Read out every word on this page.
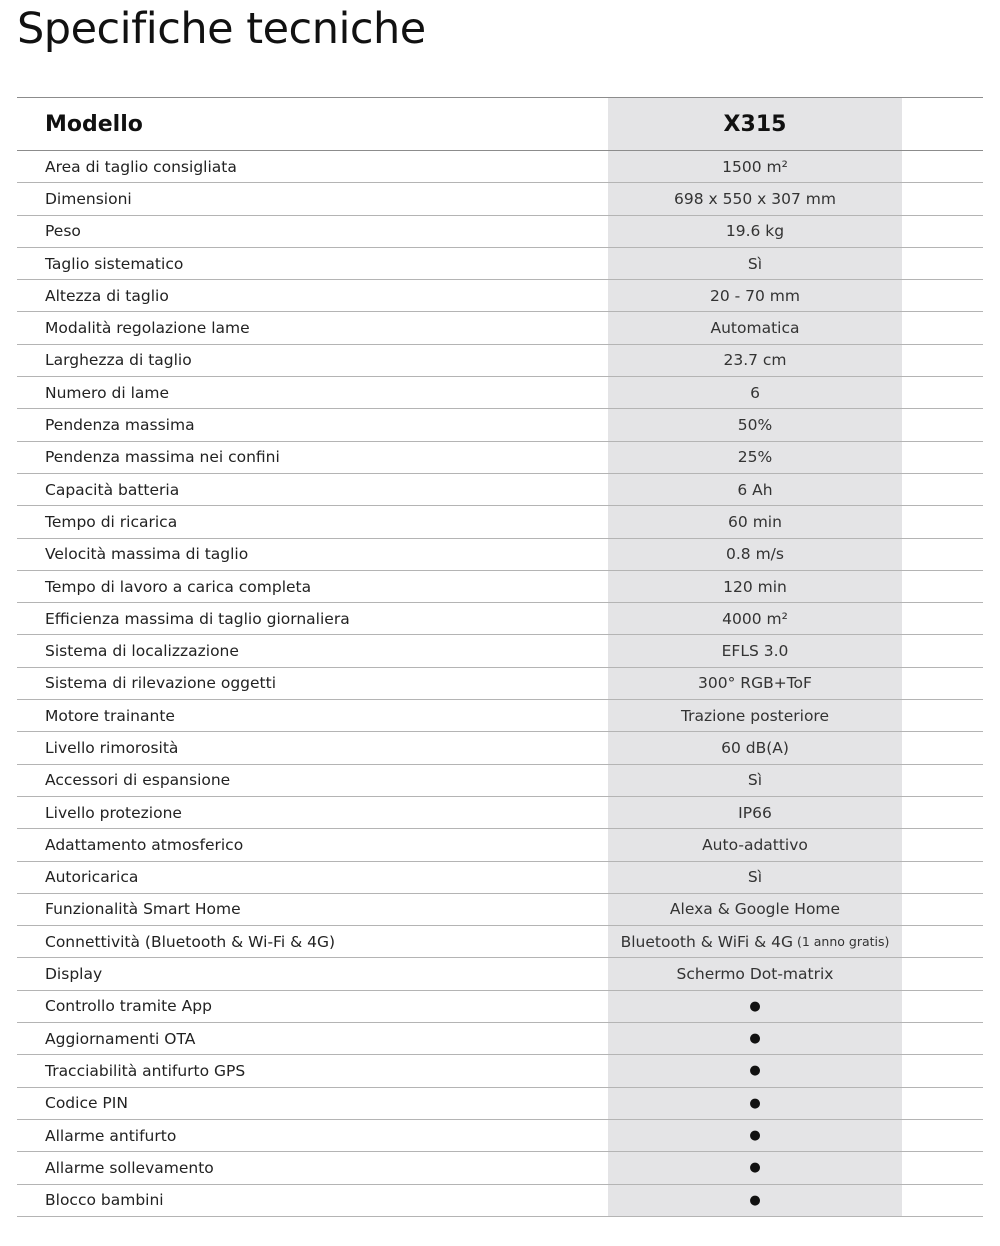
Specifiche tecniche
Modello	X315
Area di taglio consigliata	1500 m²
Dimensioni	698 x 550 x 307 mm
Peso	19.6 kg
Taglio sistematico	Sì
Altezza di taglio	20 - 70 mm
Modalità regolazione lame	Automatica
Larghezza di taglio	23.7 cm
Numero di lame	6
Pendenza massima	50%
Pendenza massima nei confini	25%
Capacità batteria	6 Ah
Tempo di ricarica	60 min
Velocità massima di taglio	0.8 m/s
Tempo di lavoro a carica completa	120 min
Efficienza massima di taglio giornaliera	4000 m²
Sistema di localizzazione	EFLS 3.0
Sistema di rilevazione oggetti	300° RGB+ToF
Motore trainante	Trazione posteriore
Livello rimorosità	60 dB(A)
Accessori di espansione	Sì
Livello protezione	IP66
Adattamento atmosferico	Auto-adattivo
Autoricarica	Sì
Funzionalità Smart Home	Alexa & Google Home
Connettività (Bluetooth & Wi-Fi & 4G)	Bluetooth & WiFi & 4G (1 anno gratis)
Display	Schermo Dot-matrix
Controllo tramite App	●
Aggiornamenti OTA	●
Tracciabilità antifurto GPS	●
Codice PIN	●
Allarme antifurto	●
Allarme sollevamento	●
Blocco bambini	●
